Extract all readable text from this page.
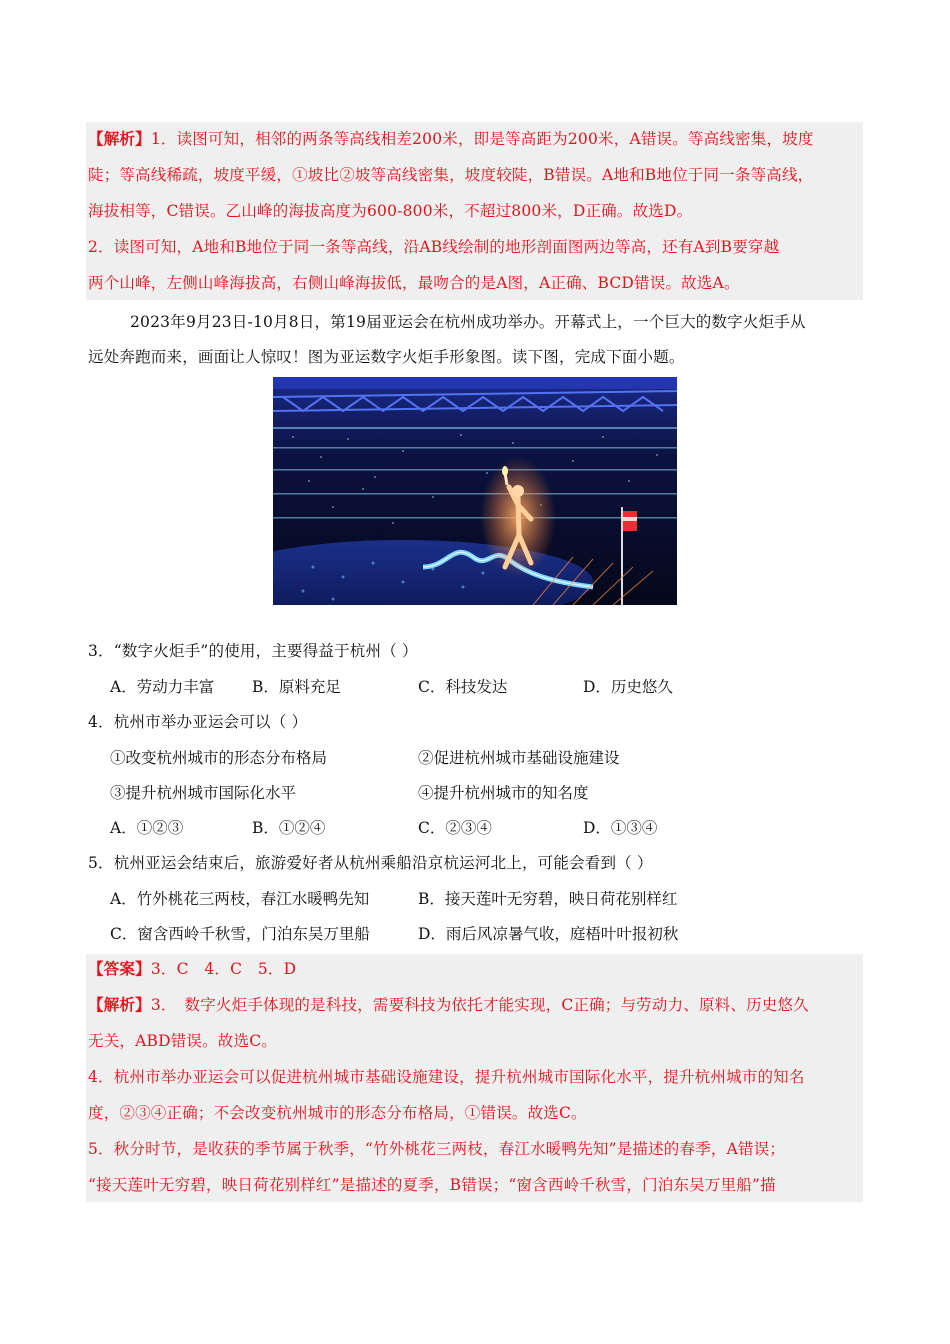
【解析】1．读图可知，相邻的两条等高线相差200米，即是等高距为200米，A错误。等高线密集，坡度
陡；等高线稀疏，坡度平缓，①坡比②坡等高线密集，坡度较陡，B错误。A地和B地位于同一条等高线，
海拔相等，C错误。乙山峰的海拔高度为600-800米，不超过800米，D正确。故选D。
2．读图可知，A地和B地位于同一条等高线，沿AB线绘制的地形剖面图两边等高，还有A到B要穿越
两个山峰，左侧山峰海拔高，右侧山峰海拔低，最吻合的是A图，A正确、BCD错误。故选A。
2023年9月23日-10月8日，第19届亚运会在杭州成功举办。开幕式上，一个巨大的数字火炬手从
远处奔跑而来，画面让人惊叹！图为亚运数字火炬手形象图。读下图，完成下面小题。
3．“数字火炬手”的使用，主要得益于杭州（ ）
A．劳动力丰富 B．原料充足	C．科技发达	D．历史悠久
4．杭州市举办亚运会可以（ ）
①改变杭州城市的形态分布格局	②促进杭州城市基础设施建设
③提升杭州城市国际化水平	④提升杭州城市的知名度
A．①②③	B．①②④	C．②③④	D．①③④
5．杭州亚运会结束后，旅游爱好者从杭州乘船沿京杭运河北上，可能会看到（ ）
A．竹外桃花三两枝，春江水暖鸭先知	B．接天莲叶无穷碧，映日荷花别样红
C．窗含西岭千秋雪，门泊东吴万里船	D．雨后风凉暑气收，庭梧叶叶报初秋
【答案】3．C　4．C　5．D
【解析】3．　数字火炬手体现的是科技，需要科技为依托才能实现，C正确；与劳动力、原料、历史悠久
无关，ABD错误。故选C。
4．杭州市举办亚运会可以促进杭州城市基础设施建设，提升杭州城市国际化水平，提升杭州城市的知名
度，②③④正确；不会改变杭州城市的形态分布格局，①错误。故选C。
5．秋分时节，是收获的季节属于秋季，“竹外桃花三两枝，春江水暖鸭先知”是描述的春季，A错误；
“接天莲叶无穷碧，映日荷花别样红”是描述的夏季，B错误；“窗含西岭千秋雪，门泊东吴万里船”描
